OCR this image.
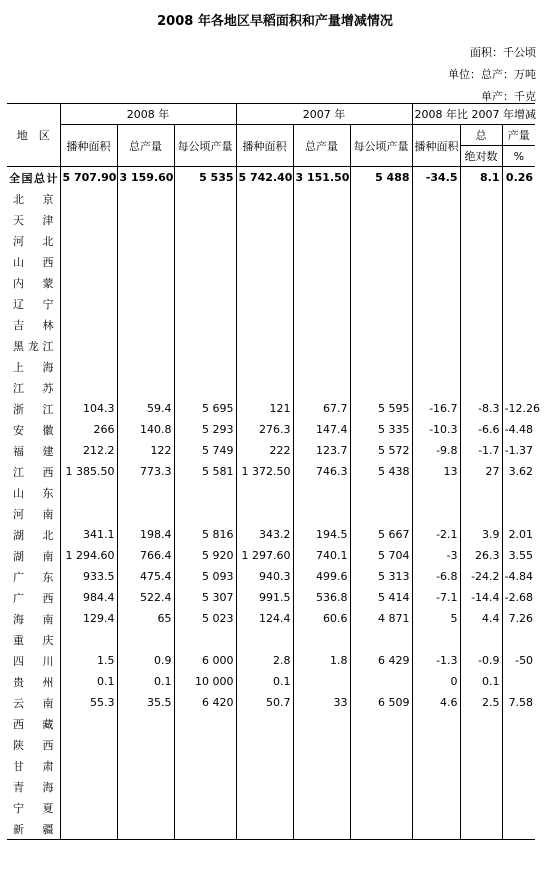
2008 年各地区早稻面积和产量增减情况
面积：千公顷
单位：总产：万吨
单产：千克
地　区	2008 年			2007 年			2008 年比 2007 年增减		
	播种面积	总产量	每公顷产量	播种面积	总产量	每公顷产量	播种面积	总	产量
								绝对数	%
全国总计	5 707.90	3 159.60	5 535	5 742.40	3 151.50	5 488	-34.5	8.1	0.26
北京									
天津									
河北									
山西									
内蒙									
辽宁									
吉林									
黑龙江									
上海									
江苏									
浙江	104.3	59.4	5 695	121	67.7	5 595	-16.7	-8.3	-12.26
安徽	266	140.8	5 293	276.3	147.4	5 335	-10.3	-6.6	-4.48
福建	212.2	122	5 749	222	123.7	5 572	-9.8	-1.7	-1.37
江西	1 385.50	773.3	5 581	1 372.50	746.3	5 438	13	27	3.62
山东									
河南									
湖北	341.1	198.4	5 816	343.2	194.5	5 667	-2.1	3.9	2.01
湖南	1 294.60	766.4	5 920	1 297.60	740.1	5 704	-3	26.3	3.55
广东	933.5	475.4	5 093	940.3	499.6	5 313	-6.8	-24.2	-4.84
广西	984.4	522.4	5 307	991.5	536.8	5 414	-7.1	-14.4	-2.68
海南	129.4	65	5 023	124.4	60.6	4 871	5	4.4	7.26
重庆									
四川	1.5	0.9	6 000	2.8	1.8	6 429	-1.3	-0.9	-50
贵州	0.1	0.1	10 000	0.1			0	0.1	
云南	55.3	35.5	6 420	50.7	33	6 509	4.6	2.5	7.58
西藏									
陕西									
甘肃									
青海									
宁夏									
新疆									
